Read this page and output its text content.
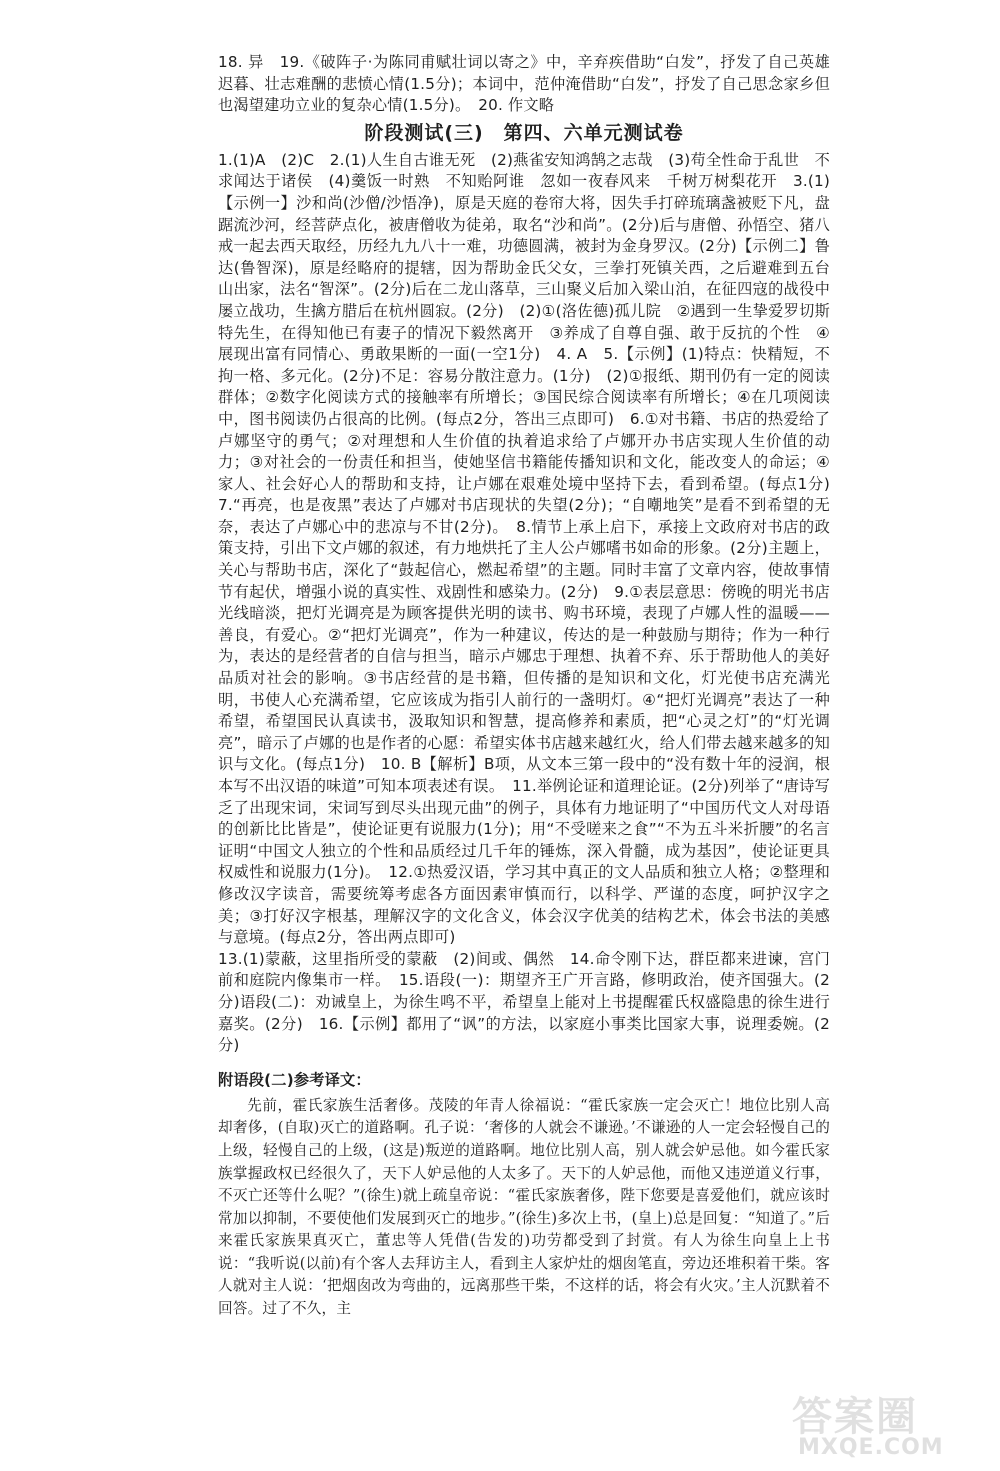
18. 异　19.《破阵子·为陈同甫赋壮词以寄之》中，辛弃疾借助“白发”，抒发了自己英雄迟暮、壮志难酬的悲愤心情(1.5分)；本词中，范仲淹借助“白发”，抒发了自己思念家乡但也渴望建功立业的复杂心情(1.5分)。　20. 作文略

阶段测试(三)　第四、六单元测试卷

1.(1)A　(2)C　2.(1)人生自古谁无死　(2)燕雀安知鸿鹄之志哉　(3)苟全性命于乱世　不求闻达于诸侯　(4)羹饭一时熟　不知贻阿谁　忽如一夜春风来　千树万树梨花开　3.(1)【示例一】沙和尚(沙僧/沙悟净)，原是天庭的卷帘大将，因失手打碎琉璃盏被贬下凡，盘踞流沙河，经菩萨点化，被唐僧收为徒弟，取名“沙和尚”。(2分)后与唐僧、孙悟空、猪八戒一起去西天取经，历经九九八十一难，功德圆满，被封为金身罗汉。(2分)【示例二】鲁达(鲁智深)，原是经略府的提辖，因为帮助金氏父女，三拳打死镇关西，之后避难到五台山出家，法名“智深”。(2分)后在二龙山落草，三山聚义后加入梁山泊，在征四寇的战役中屡立战功，生擒方腊后在杭州圆寂。(2分)　(2)①(洛佐德)孤儿院　②遇到一生挚爱罗切斯特先生，在得知他已有妻子的情况下毅然离开　③养成了自尊自强、敢于反抗的个性　④展现出富有同情心、勇敢果断的一面(一空1分)　4. A　5.【示例】(1)特点：快精短，不拘一格、多元化。(2分)不足：容易分散注意力。(1分)　(2)①报纸、期刊仍有一定的阅读群体；②数字化阅读方式的接触率有所增长；③国民综合阅读率有所增长；④在几项阅读中，图书阅读仍占很高的比例。(每点2分，答出三点即可)　6.①对书籍、书店的热爱给了卢娜坚守的勇气；②对理想和人生价值的执着追求给了卢娜开办书店实现人生价值的动力；③对社会的一份责任和担当，使她坚信书籍能传播知识和文化，能改变人的命运；④家人、社会好心人的帮助和支持，让卢娜在艰难处境中坚持下去，看到希望。(每点1分)　7.“再亮，也是夜黑”表达了卢娜对书店现状的失望(2分)；“自嘲地笑”是看不到希望的无奈，表达了卢娜心中的悲凉与不甘(2分)。　8.情节上承上启下，承接上文政府对书店的政策支持，引出下文卢娜的叙述，有力地烘托了主人公卢娜嗜书如命的形象。(2分)主题上，关心与帮助书店，深化了“鼓起信心，燃起希望”的主题。同时丰富了文章内容，使故事情节有起伏，增强小说的真实性、戏剧性和感染力。(2分)　9.①表层意思：傍晚的明光书店光线暗淡，把灯光调亮是为顾客提供光明的读书、购书环境，表现了卢娜人性的温暖——善良，有爱心。②“把灯光调亮”，作为一种建议，传达的是一种鼓励与期待；作为一种行为，表达的是经营者的自信与担当，暗示卢娜忠于理想、执着不弃、乐于帮助他人的美好品质对社会的影响。③书店经营的是书籍，但传播的是知识和文化，灯光使书店充满光明，书使人心充满希望，它应该成为指引人前行的一盏明灯。④“把灯光调亮”表达了一种希望，希望国民认真读书，汲取知识和智慧，提高修养和素质，把“心灵之灯”的“灯光调亮”，暗示了卢娜的也是作者的心愿：希望实体书店越来越红火，给人们带去越来越多的知识与文化。(每点1分)　10. B【解析】B项，从文本三第一段中的“没有数十年的浸润，根本写不出汉语的味道”可知本项表述有误。　11.举例论证和道理论证。(2分)列举了“唐诗写乏了出现宋词，宋词写到尽头出现元曲”的例子，具体有力地证明了“中国历代文人对母语的创新比比皆是”，使论证更有说服力(1分)；用“不受嗟来之食”“不为五斗米折腰”的名言证明“中国文人独立的个性和品质经过几千年的锤炼，深入骨髓，成为基因”，使论证更具权威性和说服力(1分)。　12.①热爱汉语，学习其中真正的文人品质和独立人格；②整理和修改汉字读音，需要统筹考虑各方面因素审慎而行，以科学、严谨的态度，呵护汉字之美；③打好汉字根基，理解汉字的文化含义，体会汉字优美的结构艺术，体会书法的美感与意境。(每点2分，答出两点即可)

13.(1)蒙蔽，这里指所受的蒙蔽　(2)间或、偶然　14.命令刚下达，群臣都来进谏，宫门前和庭院内像集市一样。　15.语段(一)：期望齐王广开言路，修明政治，使齐国强大。(2分)语段(二)：劝诫皇上，为徐生鸣不平，希望皇上能对上书提醒霍氏权盛隐患的徐生进行嘉奖。(2分)　16.【示例】都用了“讽”的方法，以家庭小事类比国家大事，说理委婉。(2分)

附语段(二)参考译文：

先前，霍氏家族生活奢侈。茂陵的年青人徐福说：“霍氏家族一定会灭亡！地位比别人高却奢侈，(自取)灭亡的道路啊。孔子说：‘奢侈的人就会不谦逊。’不谦逊的人一定会轻慢自己的上级，轻慢自己的上级，(这是)叛逆的道路啊。地位比别人高，别人就会妒忌他。如今霍氏家族掌握政权已经很久了，天下人妒忌他的人太多了。天下的人妒忌他，而他又违逆道义行事，不灭亡还等什么呢？”(徐生)就上疏皇帝说：“霍氏家族奢侈，陛下您要是喜爱他们，就应该时常加以抑制，不要使他们发展到灭亡的地步。”(徐生)多次上书，(皇上)总是回复：“知道了。”后来霍氏家族果真灭亡，董忠等人凭借(告发的)功劳都受到了封赏。有人为徐生向皇上上书说：“我听说(以前)有个客人去拜访主人，看到主人家炉灶的烟囱笔直，旁边还堆积着干柴。客人就对主人说：‘把烟囱改为弯曲的，远离那些干柴，不这样的话，将会有火灾。’主人沉默着不回答。过了不久，主

答案圈
MXQE.COM
